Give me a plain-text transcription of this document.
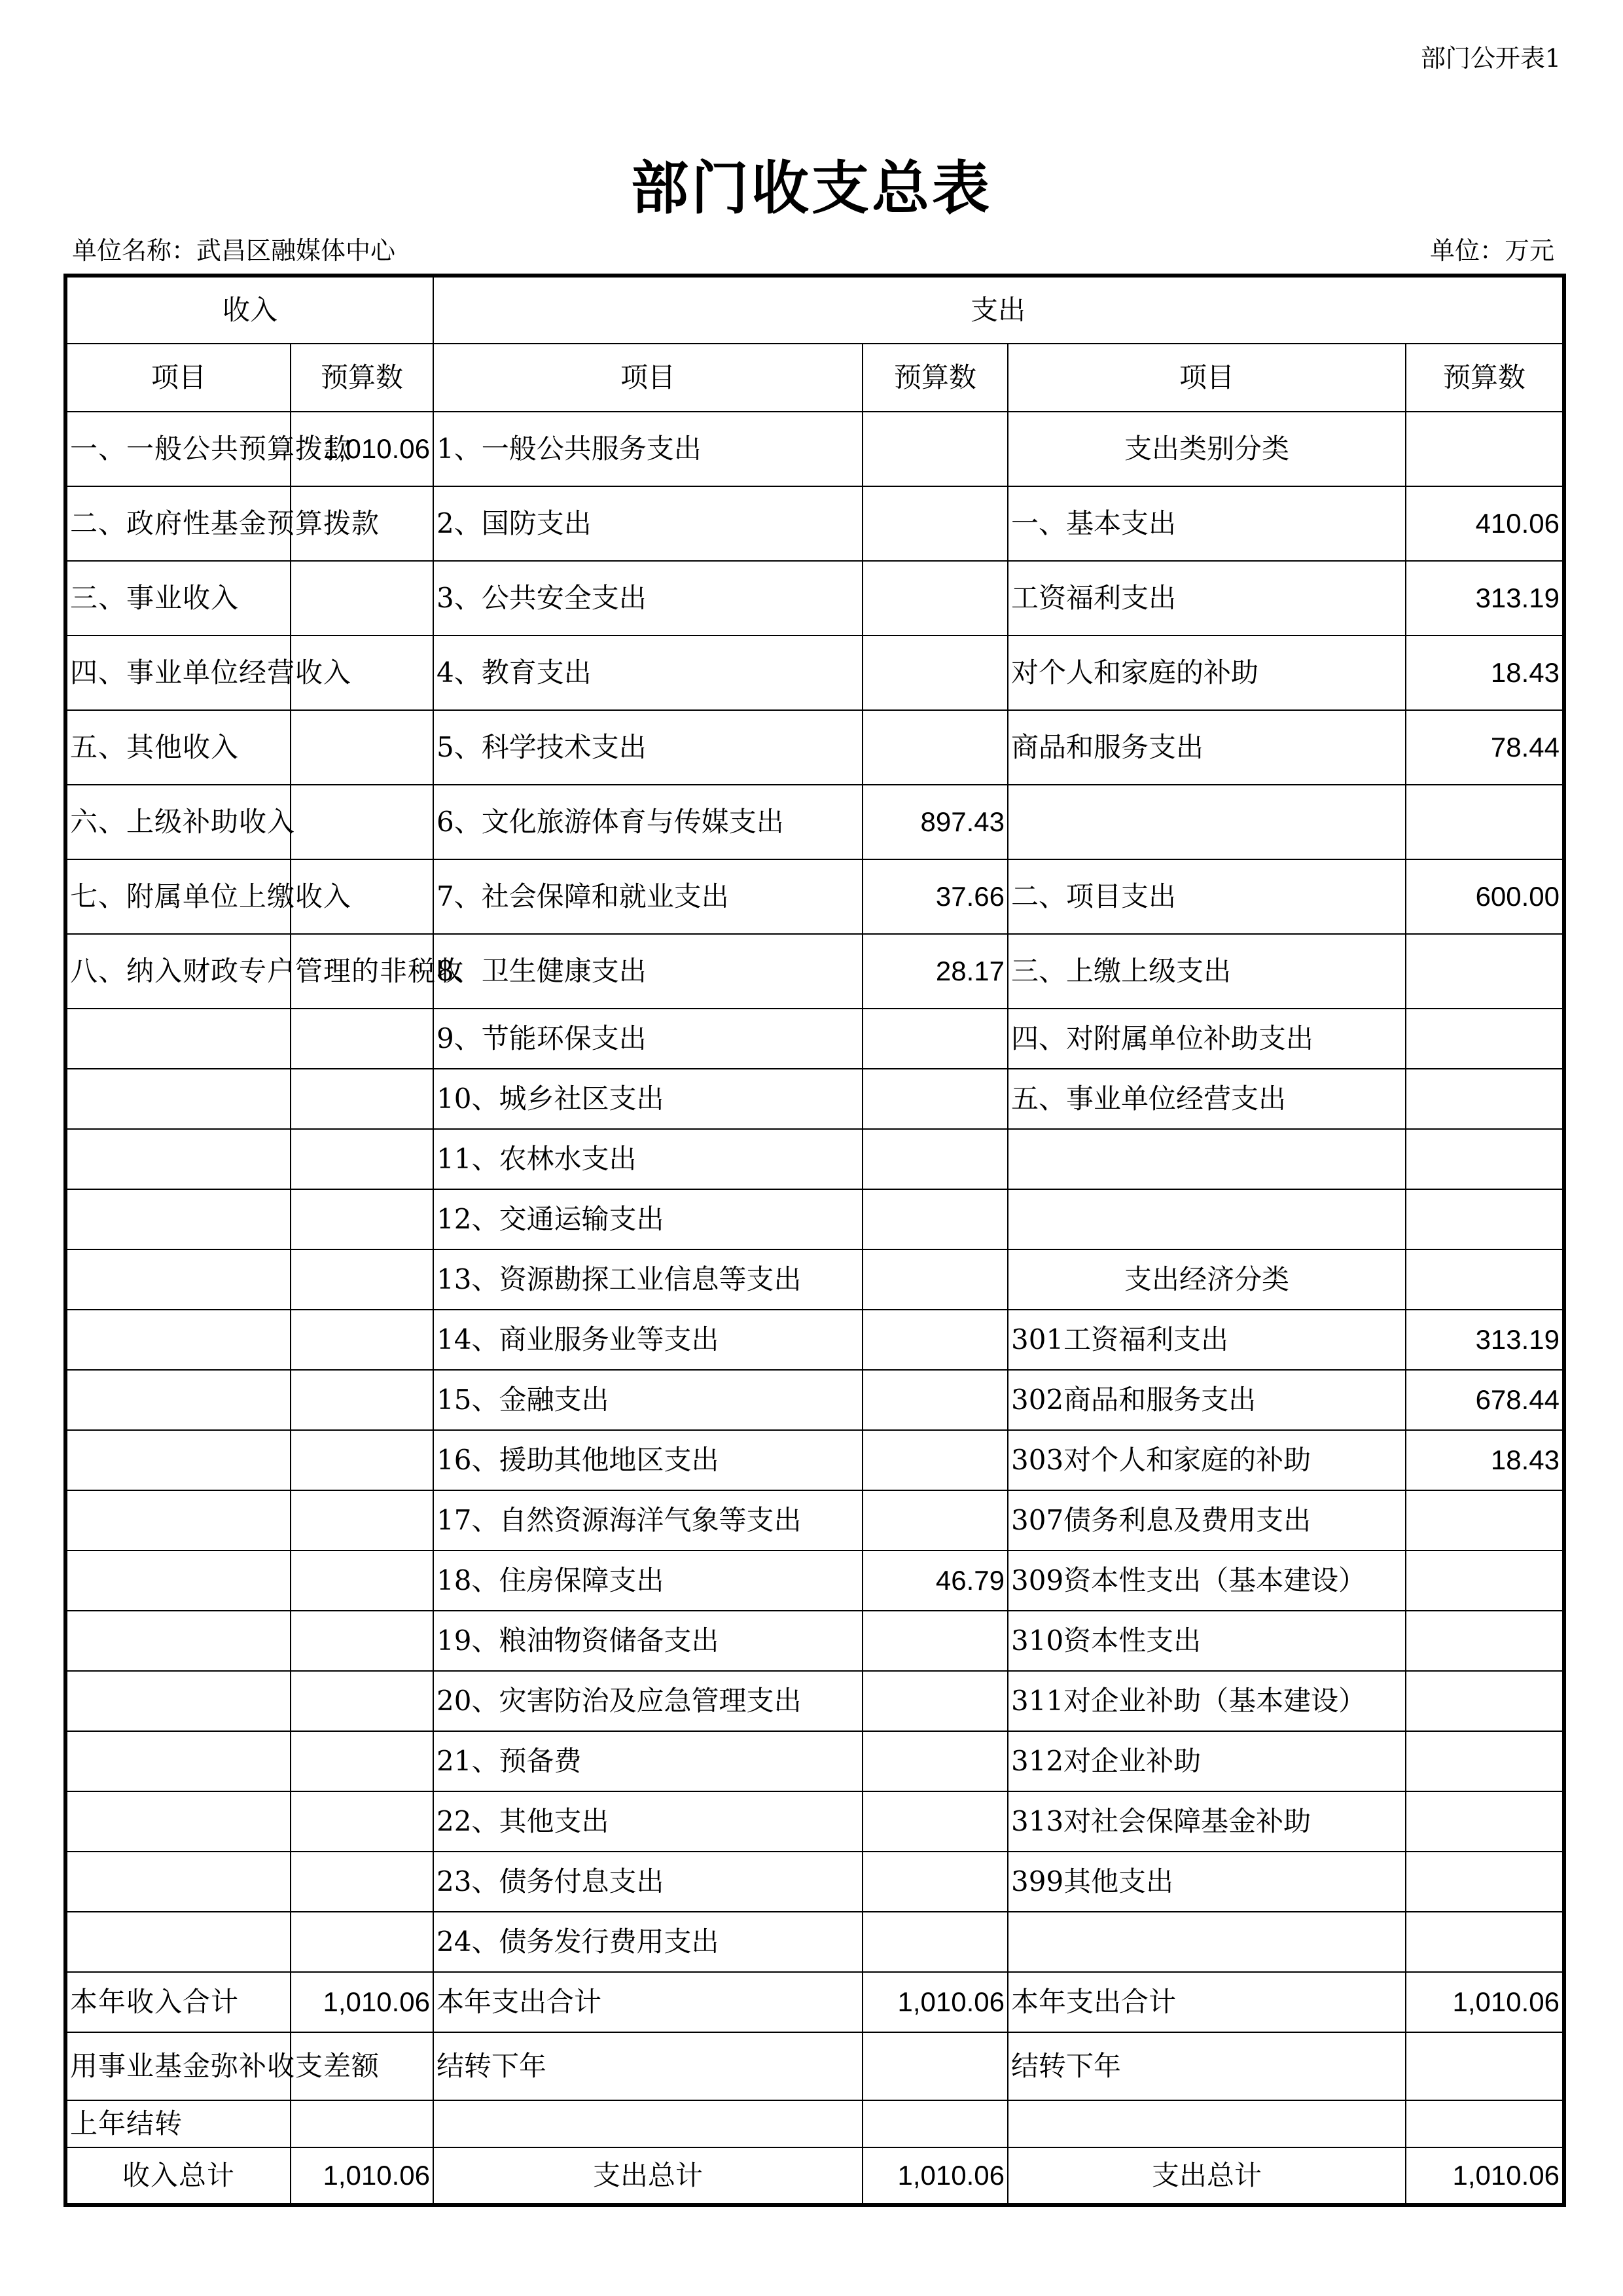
部门公开表1
部门收支总表
单位名称：武昌区融媒体中心	单位：万元
收入		支出			
项目	预算数	项目	预算数	项目	预算数
一、一般公共预算拨款	1,010.06	1、一般公共服务支出		支出类别分类	
二、政府性基金预算拨款		2、国防支出		一、基本支出	410.06
三、事业收入		3、公共安全支出		工资福利支出	313.19
四、事业单位经营收入		4、教育支出		对个人和家庭的补助	18.43
五、其他收入		5、科学技术支出		商品和服务支出	78.44
六、上级补助收入		6、文化旅游体育与传媒支出	897.43		
七、附属单位上缴收入		7、社会保障和就业支出	37.66	二、项目支出	600.00
八、纳入财政专户管理的非税收		8、卫生健康支出	28.17	三、上缴上级支出	
		9、节能环保支出		四、对附属单位补助支出	
		10、城乡社区支出		五、事业单位经营支出	
		11、农林水支出			
		12、交通运输支出			
		13、资源勘探工业信息等支出		支出经济分类	
		14、商业服务业等支出		301工资福利支出	313.19
		15、金融支出		302商品和服务支出	678.44
		16、援助其他地区支出		303对个人和家庭的补助	18.43
		17、自然资源海洋气象等支出		307债务利息及费用支出	
		18、住房保障支出	46.79	309资本性支出（基本建设）	
		19、粮油物资储备支出		310资本性支出	
		20、灾害防治及应急管理支出		311对企业补助（基本建设）	
		21、预备费		312对企业补助	
		22、其他支出		313对社会保障基金补助	
		23、债务付息支出		399其他支出	
		24、债务发行费用支出			
本年收入合计	1,010.06	本年支出合计	1,010.06	本年支出合计	1,010.06
用事业基金弥补收支差额		结转下年		结转下年	
上年结转					
收入总计	1,010.06	支出总计	1,010.06	支出总计	1,010.06
